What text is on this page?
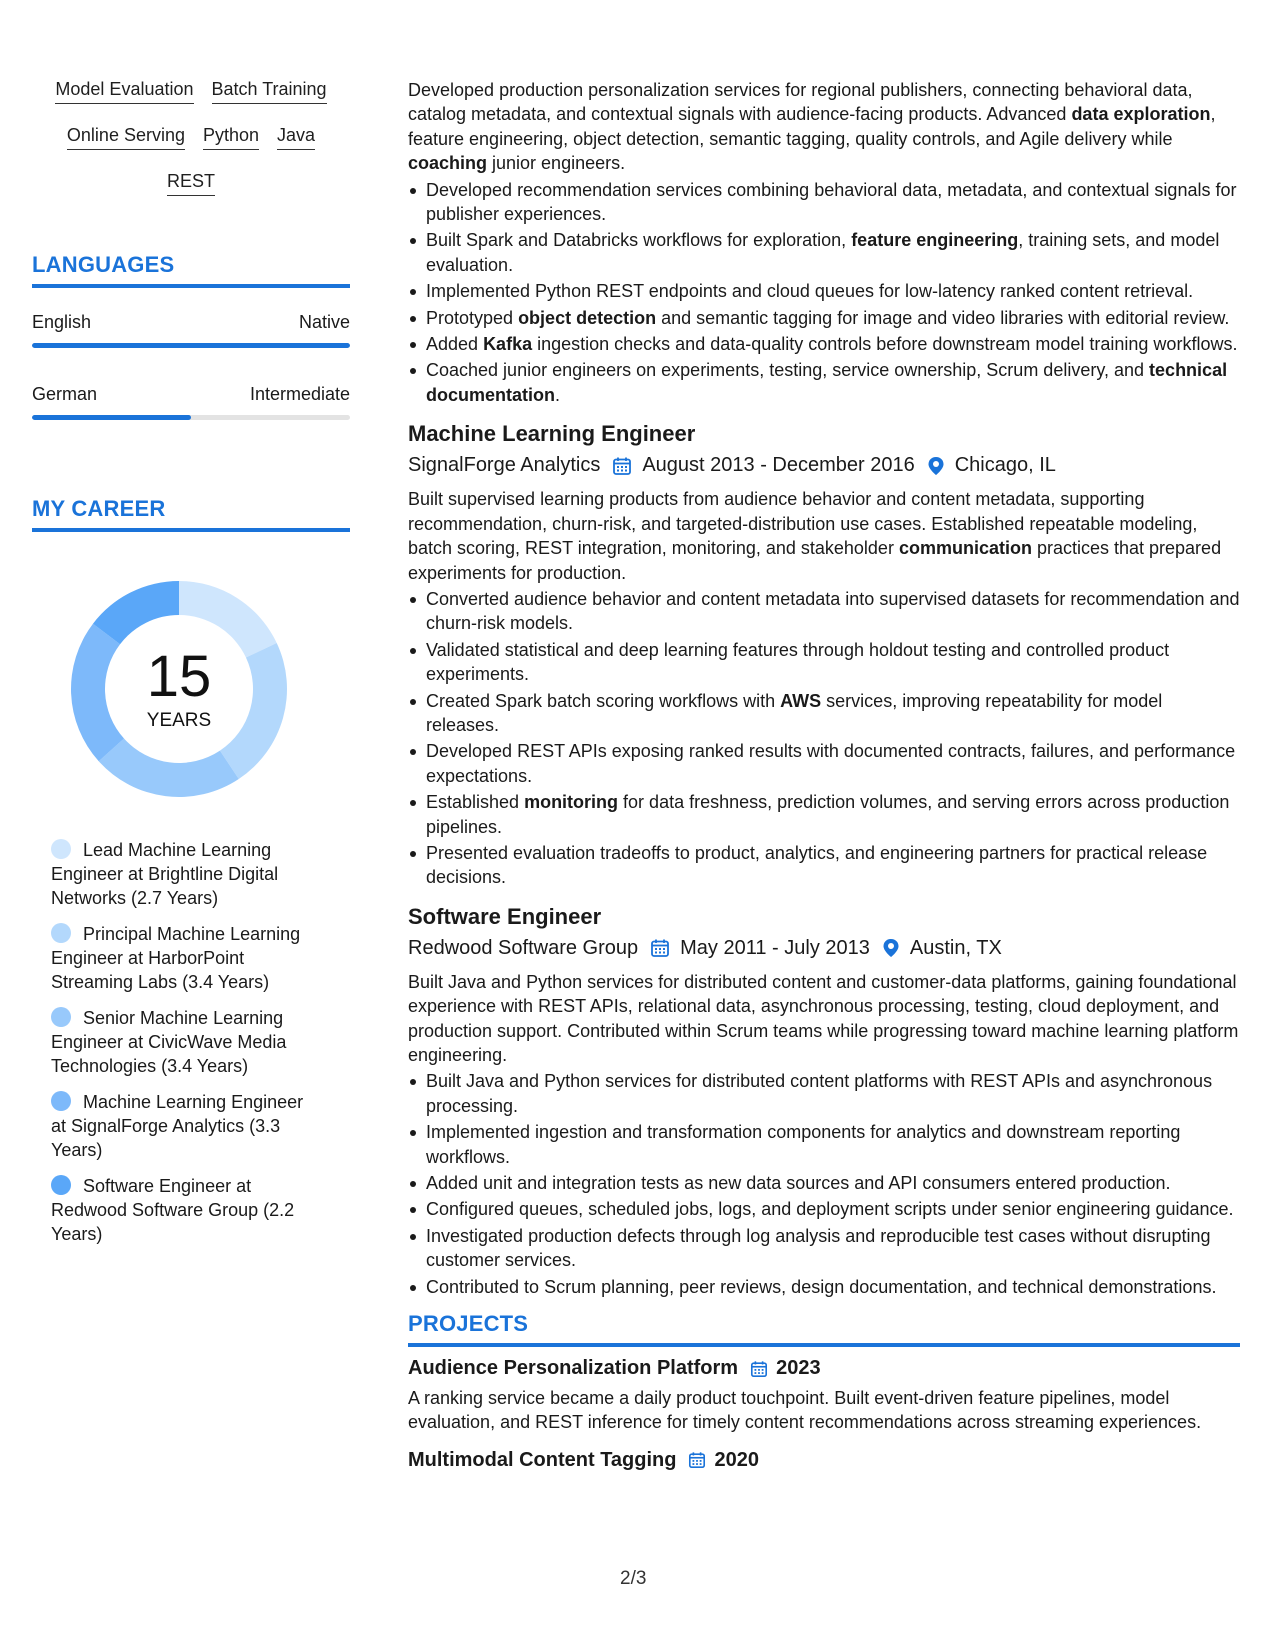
Model Evaluation Batch Training
Online Serving Python Java
REST
LANGUAGES
English	Native
German	Intermediate
MY CAREER
15
YEARS
Lead Machine Learning Engineer at Brightline Digital Networks (2.7 Years)
Principal Machine Learning Engineer at HarborPoint Streaming Labs (3.4 Years)
Senior Machine Learning Engineer at CivicWave Media Technologies (3.4 Years)
Machine Learning Engineer at SignalForge Analytics (3.3 Years)
Software Engineer at Redwood Software Group (2.2 Years)
Developed production personalization services for regional publishers, connecting behavioral data, catalog metadata, and contextual signals with audience-facing products. Advanced data exploration, feature engineering, object detection, semantic tagging, quality controls, and Agile delivery while coaching junior engineers.
Developed recommendation services combining behavioral data, metadata, and contextual signals for publisher experiences.
Built Spark and Databricks workflows for exploration, feature engineering, training sets, and model evaluation.
Implemented Python REST endpoints and cloud queues for low-latency ranked content retrieval.
Prototyped object detection and semantic tagging for image and video libraries with editorial review.
Added Kafka ingestion checks and data-quality controls before downstream model training workflows.
Coached junior engineers on experiments, testing, service ownership, Scrum delivery, and technical documentation.
Machine Learning Engineer
SignalForge Analytics August 2013 - December 2016 Chicago, IL
Built supervised learning products from audience behavior and content metadata, supporting recommendation, churn-risk, and targeted-distribution use cases. Established repeatable modeling, batch scoring, REST integration, monitoring, and stakeholder communication practices that prepared experiments for production.
Converted audience behavior and content metadata into supervised datasets for recommendation and churn-risk models.
Validated statistical and deep learning features through holdout testing and controlled product experiments.
Created Spark batch scoring workflows with AWS services, improving repeatability for model releases.
Developed REST APIs exposing ranked results with documented contracts, failures, and performance expectations.
Established monitoring for data freshness, prediction volumes, and serving errors across production pipelines.
Presented evaluation tradeoffs to product, analytics, and engineering partners for practical release decisions.
Software Engineer
Redwood Software Group May 2011 - July 2013 Austin, TX
Built Java and Python services for distributed content and customer-data platforms, gaining foundational experience with REST APIs, relational data, asynchronous processing, testing, cloud deployment, and production support. Contributed within Scrum teams while progressing toward machine learning platform engineering.
Built Java and Python services for distributed content platforms with REST APIs and asynchronous processing.
Implemented ingestion and transformation components for analytics and downstream reporting workflows.
Added unit and integration tests as new data sources and API consumers entered production.
Configured queues, scheduled jobs, logs, and deployment scripts under senior engineering guidance.
Investigated production defects through log analysis and reproducible test cases without disrupting customer services.
Contributed to Scrum planning, peer reviews, design documentation, and technical demonstrations.
PROJECTS
Audience Personalization Platform 2023
A ranking service became a daily product touchpoint. Built event-driven feature pipelines, model evaluation, and REST inference for timely content recommendations across streaming experiences.
Multimodal Content Tagging 2020
2/3
